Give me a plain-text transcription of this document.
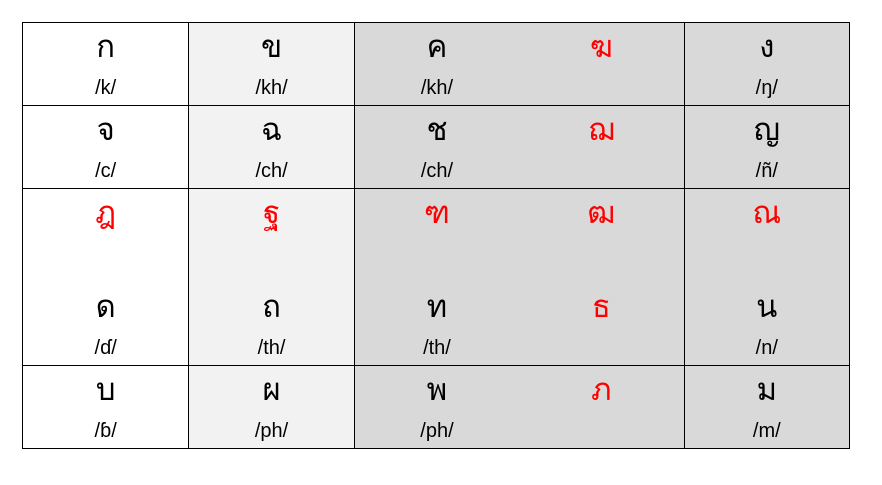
ก	ข	ค	ฆ	ง
/k/	/kh/	/kh/		/ŋ/
จ	ฉ	ช	ฌ	ญ
/c/	/ch/	/ch/		/ñ/
ฎ	ฐ	ฑ	ฒ	ณ

ด	ถ	ท	ธ	น
/ɗ/	/th/	/th/		/n/
บ	ผ	พ	ภ	ม
/ɓ/	/ph/	/ph/		/m/
